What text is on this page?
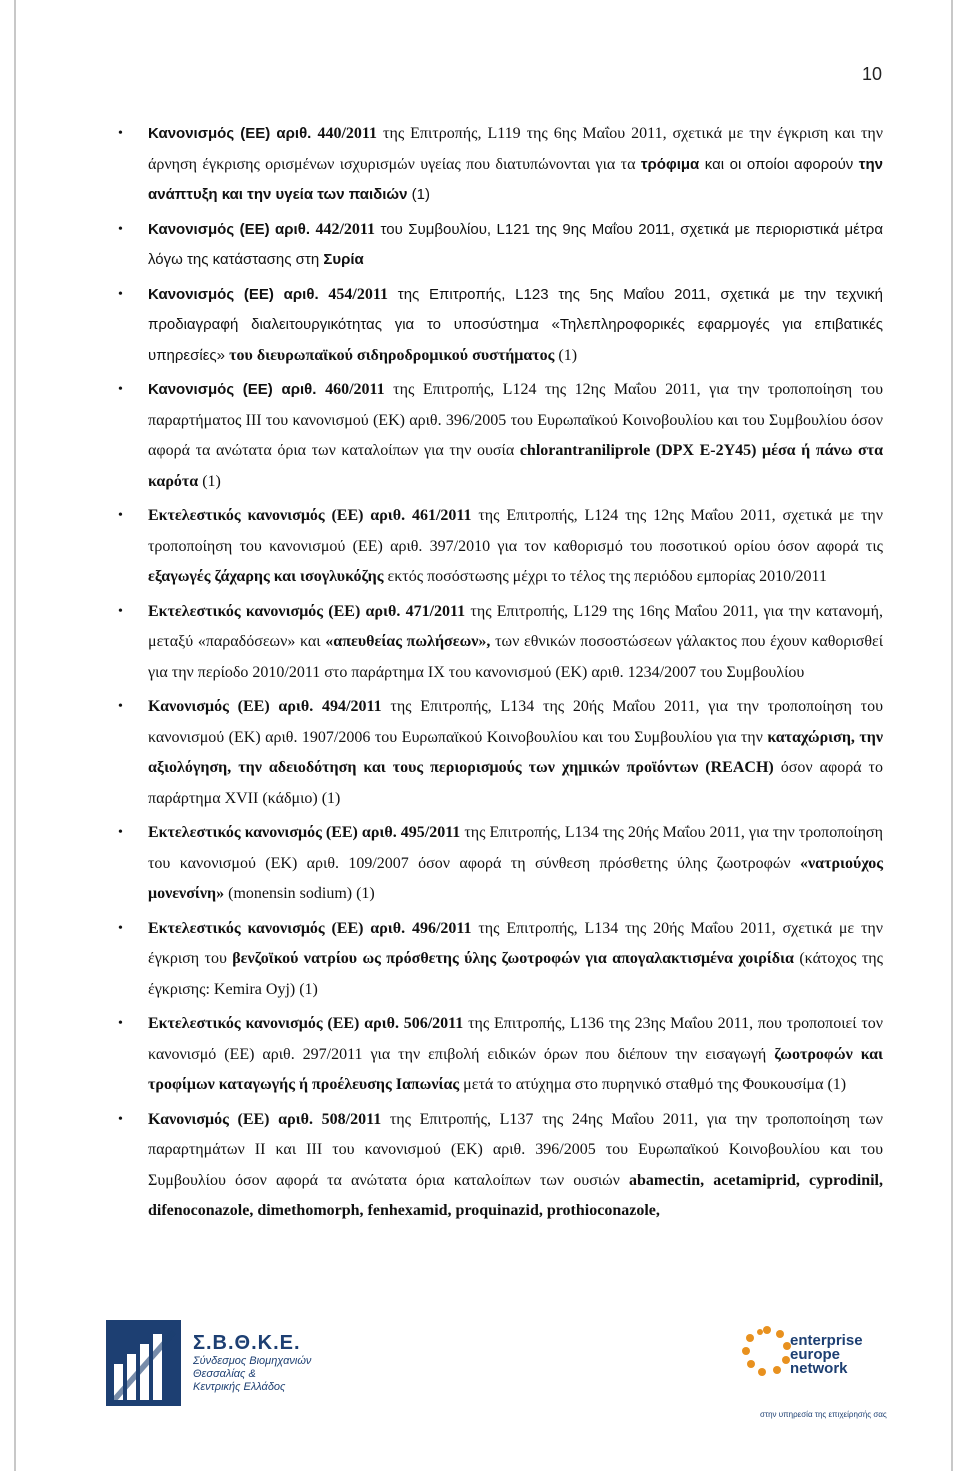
10
• Κανονισμός (ΕΕ) αριθ. 440/2011 της Επιτροπής, L119 της 6ης Μαΐου 2011, σχετικά με την έγκριση και την άρνηση έγκρισης ορισμένων ισχυρισμών υγείας που διατυπώνονται για τα τρόφιμα και οι οποίοι αφορούν την ανάπτυξη και την υγεία των παιδιών (1)
• Κανονισμός (ΕΕ) αριθ. 442/2011 του Συμβουλίου, L121 της 9ης Μαΐου 2011, σχετικά με περιοριστικά μέτρα λόγω της κατάστασης στη Συρία
• Κανονισμός (ΕΕ) αριθ. 454/2011 της Επιτροπής, L123 της 5ης Μαΐου 2011, σχετικά με την τεχνική προδιαγραφή διαλειτουργικότητας για το υποσύστημα «Τηλεπληροφορικές εφαρμογές για επιβατικές υπηρεσίες» του διευρωπαϊκού σιδηροδρομικού συστήματος (1)
• Κανονισμός (ΕΕ) αριθ. 460/2011 της Επιτροπής, L124 της 12ης Μαΐου 2011, για την τροποποίηση του παραρτήματος III του κανονισμού (ΕΚ) αριθ. 396/2005 του Ευρωπαϊκού Κοινοβουλίου και του Συμβουλίου όσον αφορά τα ανώτατα όρια των καταλοίπων για την ουσία chlorantraniliprole (DPX E-2Y45) μέσα ή πάνω στα καρότα (1)
• Εκτελεστικός κανονισμός (ΕΕ) αριθ. 461/2011 της Επιτροπής, L124 της 12ης Μαΐου 2011, σχετικά με την τροποποίηση του κανονισμού (ΕΕ) αριθ. 397/2010 για τον καθορισμό του ποσοτικού ορίου όσον αφορά τις εξαγωγές ζάχαρης και ισογλυκόζης εκτός ποσόστωσης μέχρι το τέλος της περιόδου εμπορίας 2010/2011
• Εκτελεστικός κανονισμός (ΕΕ) αριθ. 471/2011 της Επιτροπής, L129 της 16ης Μαΐου 2011, για την κατανομή, μεταξύ «παραδόσεων» και «απευθείας πωλήσεων», των εθνικών ποσοστώσεων γάλακτος που έχουν καθορισθεί για την περίοδο 2010/2011 στο παράρτημα IX του κανονισμού (ΕΚ) αριθ. 1234/2007 του Συμβουλίου
• Κανονισμός (ΕΕ) αριθ. 494/2011 της Επιτροπής, L134 της 20ής Μαΐου 2011, για την τροποποίηση του κανονισμού (ΕΚ) αριθ. 1907/2006 του Ευρωπαϊκού Κοινοβουλίου και του Συμβουλίου για την καταχώριση, την αξιολόγηση, την αδειοδότηση και τους περιορισμούς των χημικών προϊόντων (REACH) όσον αφορά το παράρτημα XVII (κάδμιο) (1)
• Εκτελεστικός κανονισμός (ΕΕ) αριθ. 495/2011 της Επιτροπής, L134 της 20ής Μαΐου 2011, για την τροποποίηση του κανονισμού (ΕΚ) αριθ. 109/2007 όσον αφορά τη σύνθεση πρόσθετης ύλης ζωοτροφών «νατριούχος μονενσίνη» (monensin sodium) (1)
• Εκτελεστικός κανονισμός (ΕΕ) αριθ. 496/2011 της Επιτροπής, L134 της 20ής Μαΐου 2011, σχετικά με την έγκριση του βενζοϊκού νατρίου ως πρόσθετης ύλης ζωοτροφών για απογαλακτισμένα χοιρίδια (κάτοχος της έγκρισης: Kemira Oyj) (1)
• Εκτελεστικός κανονισμός (ΕΕ) αριθ. 506/2011 της Επιτροπής, L136 της 23ης Μαΐου 2011, που τροποποιεί τον κανονισμό (ΕΕ) αριθ. 297/2011 για την επιβολή ειδικών όρων που διέπουν την εισαγωγή ζωοτροφών και τροφίμων καταγωγής ή προέλευσης Ιαπωνίας μετά το ατύχημα στο πυρηνικό σταθμό της Φουκουσίμα (1)
• Κανονισμός (ΕΕ) αριθ. 508/2011 της Επιτροπής, L137 της 24ης Μαΐου 2011, για την τροποποίηση των παραρτημάτων II και III του κανονισμού (ΕΚ) αριθ. 396/2005 του Ευρωπαϊκού Κοινοβουλίου και του Συμβουλίου όσον αφορά τα ανώτατα όρια καταλοίπων των ουσιών abamectin, acetamiprid, cyprodinil, difenoconazole, dimethomorph, fenhexamid, proquinazid, prothioconazole,
Σ.Β.Θ.Κ.Ε.
Σύνδεσμος Βιομηχανιών
Θεσσαλίας &
Κεντρικής Ελλάδος
enterprise
europe
network
στην υπηρεσία της επιχείρησής σας
